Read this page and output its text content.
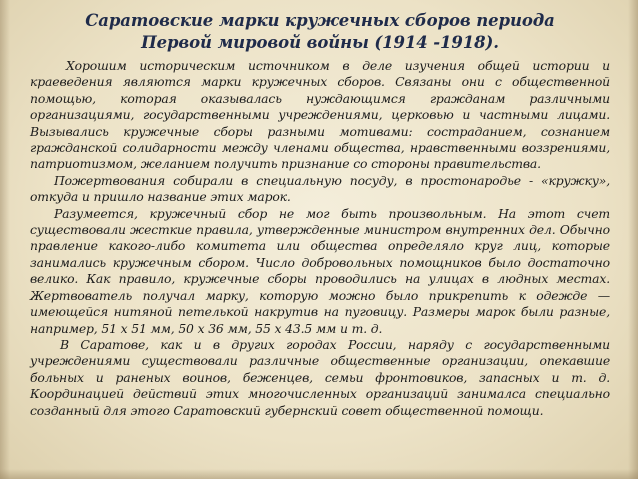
Саратовские марки кружечных сборов периода
Первой мировой войны (1914 -1918).

Хорошим историческим источником в деле изучения общей истории и краеведения являются марки кружечных сборов. Связаны они с общественной помощью, которая оказывалась нуждающимся гражданам различными организациями, государственными учреждениями, церковью и частными лицами. Вызывались кружечные сборы разными мотивами: состраданием, сознанием гражданской солидарности между членами общества, нравственными воззрениями, патриотизмом, желанием получить признание со стороны правительства.

Пожертвования собирали в специальную посуду, в простонародье - «кружку», откуда и пришло название этих марок.

Разумеется, кружечный сбор не мог быть произвольным. На этот счет существовали жесткие правила, утвержденные министром внутренних дел. Обычно правление какого-либо комитета или общества определяло круг лиц, которые занимались кружечным сбором. Число добровольных помощников было достаточно велико. Как правило, кружечные сборы проводились на улицах в людных местах. Жертвователь получал марку, которую можно было прикрепить к одежде — имеющейся нитяной петелькой накрутив на пуговицу. Размеры марок были разные, например, 51 x 51 мм, 50 x 36 мм, 55 x 43.5 мм и т. д.

В Саратове, как и в других городах России, наряду с государственными учреждениями существовали различные общественные организации, опекавшие больных и раненых воинов, беженцев, семьи фронтовиков, запасных и т. д. Координацией действий этих многочисленных организаций занималса специально созданный для этого Саратовский губернский совет общественной помощи.
